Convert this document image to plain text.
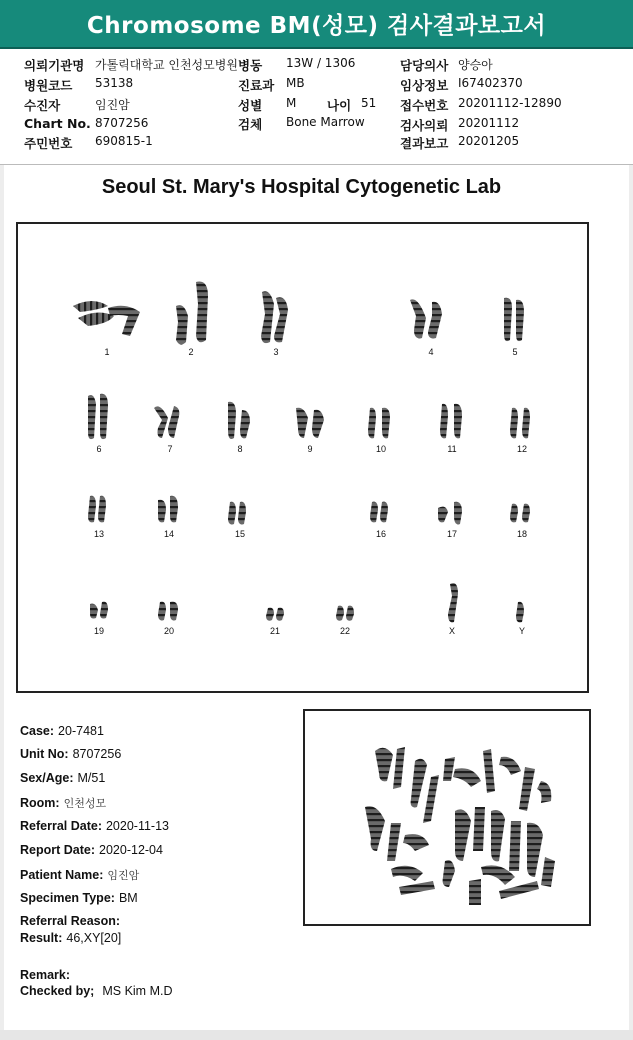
Chromosome BM(성모) 검사결과보고서
의뢰기관명 가톨릭대학교 인천성모병원
병원코드 53138
수진자	임진암
Chart No. 8707256
주민번호 690815-1
병동 13W / 1306
진료과 MB
성별 M 나이 51
검체 Bone Marrow
담당의사 양승아
임상정보 I67402370
접수번호 20201112-12890
검사의뢰 20201112
결과보고 20201205
Seoul St. Mary's Hospital Cytogenetic Lab
1	2	3	4	5
6	7	8	9	10	11	12
13	14	15	16	17	18
19	20	21	22	X	Y
Case: 20-7481
Unit No: 8707256
Sex/Age: M/51
Room: 인천성모
Referral Date: 2020-11-13
Report Date: 2020-12-04
Patient Name: 임진암
Specimen Type: BM
Referral Reason:
Result: 46,XY[20]
Remark:
Checked by; MS Kim M.D
